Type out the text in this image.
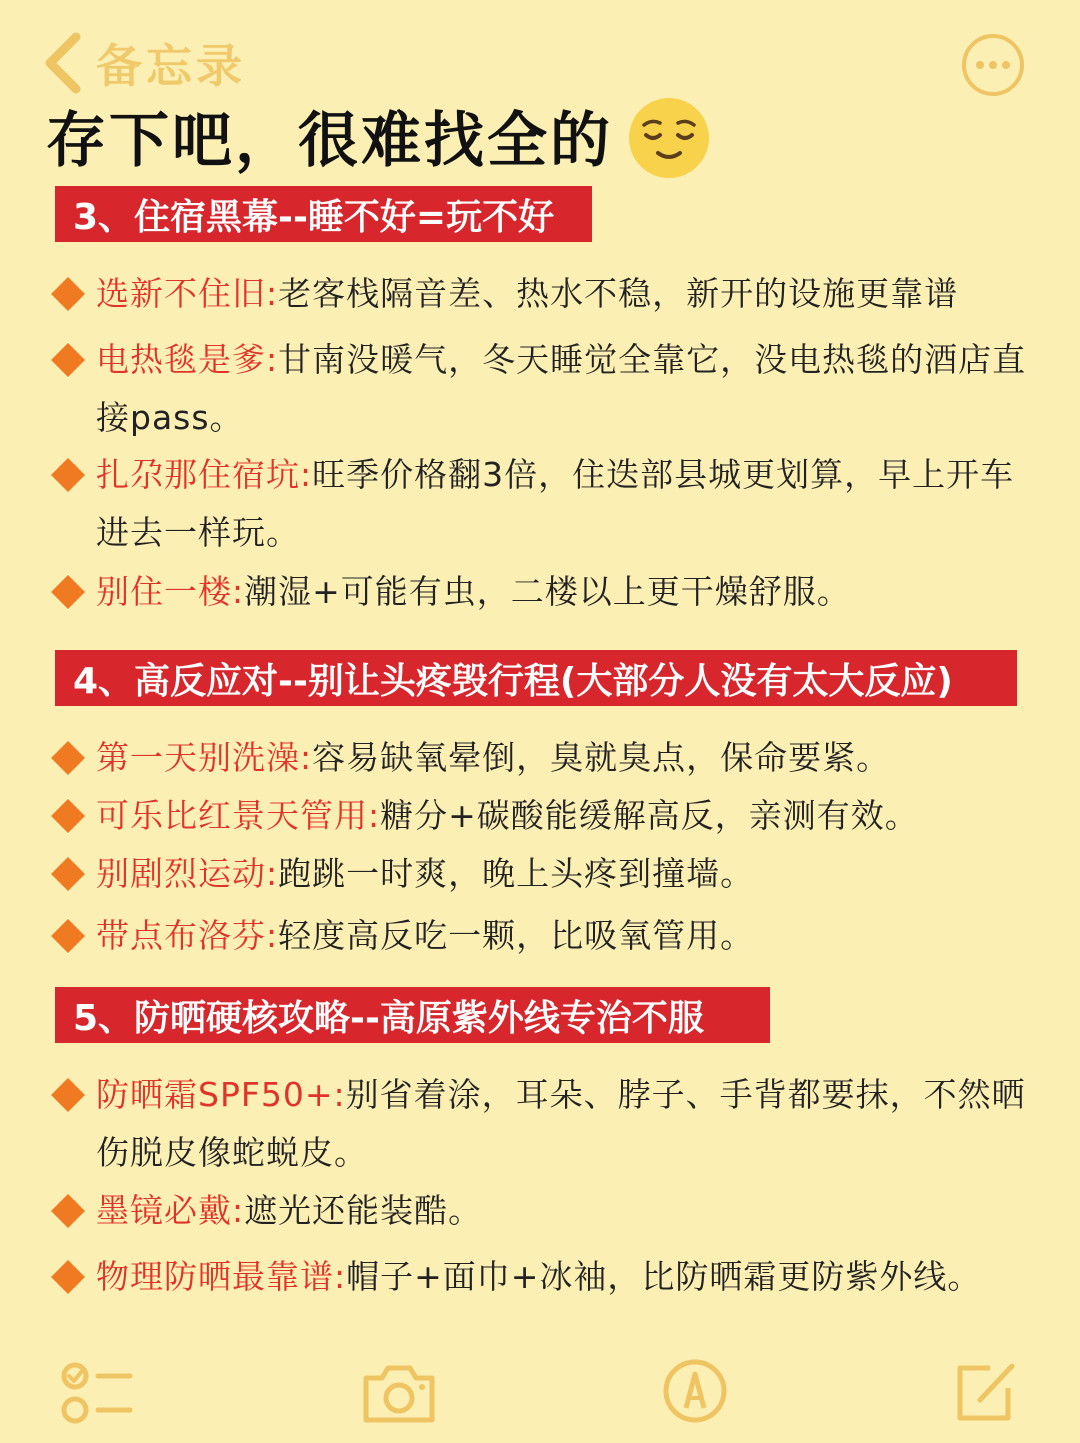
备忘录
存下吧，很难找全的
3、住宿黑幕--睡不好=玩不好
选新不住旧:老客栈隔音差、热水不稳，新开的设施更靠谱
电热毯是爹:甘南没暖气，冬天睡觉全靠它，没电热毯的酒店直接pass。
扎尕那住宿坑:旺季价格翻3倍，住迭部县城更划算，早上开车进去一样玩。
别住一楼:潮湿+可能有虫，二楼以上更干燥舒服。
4、高反应对--别让头疼毁行程(大部分人没有太大反应)
第一天别洗澡:容易缺氧晕倒，臭就臭点，保命要紧。
可乐比红景天管用:糖分+碳酸能缓解高反，亲测有效。
别剧烈运动:跑跳一时爽，晚上头疼到撞墙。
带点布洛芬:轻度高反吃一颗，比吸氧管用。
5、防晒硬核攻略--高原紫外线专治不服
防晒霜SPF50+:别省着涂，耳朵、脖子、手背都要抹，不然晒伤脱皮像蛇蜕皮。
墨镜必戴:遮光还能装酷。
物理防晒最靠谱:帽子+面巾+冰袖，比防晒霜更防紫外线。
